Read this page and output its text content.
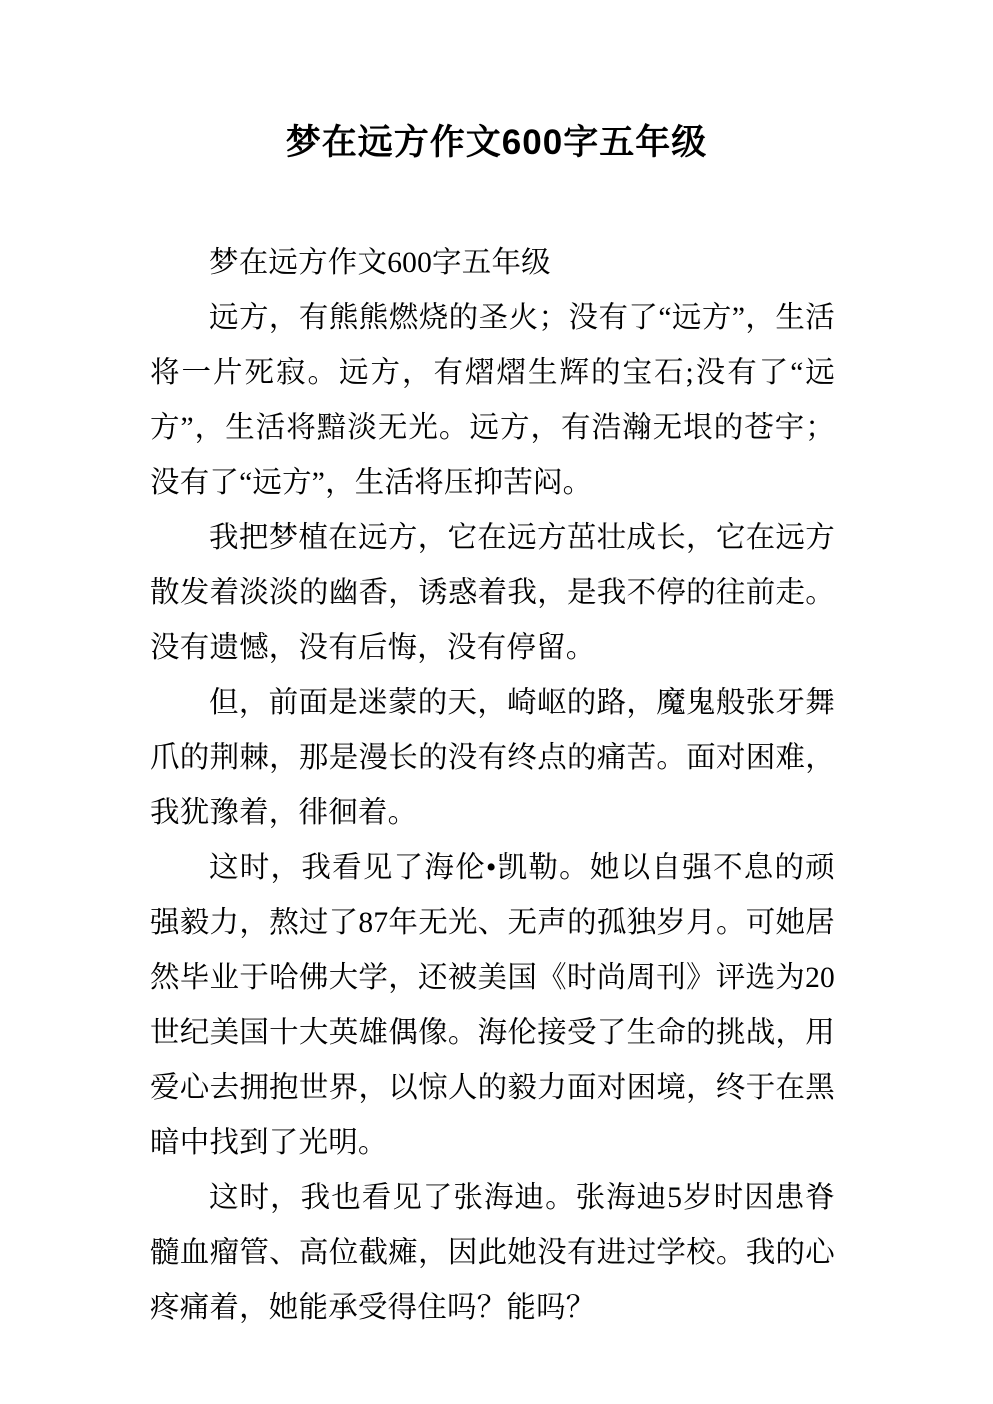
梦在远方作文600字五年级

梦在远方作文600字五年级

远方，有熊熊燃烧的圣火；没有了“远方”，生活将一片死寂。远方，有熠熠生辉的宝石;没有了“远方”，生活将黯淡无光。远方，有浩瀚无垠的苍宇；没有了“远方”，生活将压抑苦闷。

我把梦植在远方，它在远方茁壮成长，它在远方散发着淡淡的幽香，诱惑着我，是我不停的往前走。没有遗憾，没有后悔，没有停留。

但，前面是迷蒙的天，崎岖的路，魔鬼般张牙舞爪的荆棘，那是漫长的没有终点的痛苦。面对困难，我犹豫着，徘徊着。

这时，我看见了海伦•凯勒。她以自强不息的顽强毅力，熬过了87年无光、无声的孤独岁月。可她居然毕业于哈佛大学，还被美国《时尚周刊》评选为20世纪美国十大英雄偶像。海伦接受了生命的挑战，用爱心去拥抱世界，以惊人的毅力面对困境，终于在黑暗中找到了光明。

这时，我也看见了张海迪。张海迪5岁时因患脊髓血瘤管、高位截瘫，因此她没有进过学校。我的心疼痛着，她能承受得住吗？能吗？
